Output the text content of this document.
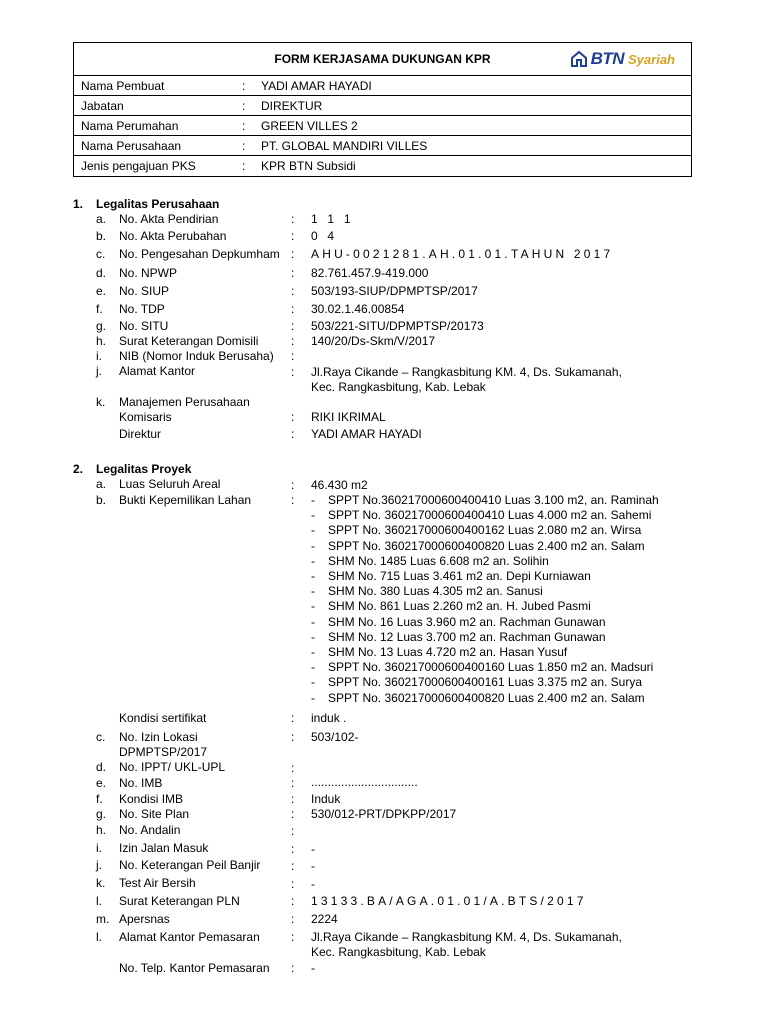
FORM KERJASAMA DUKUNGAN KPR	BTN Syariah
Nama Pembuat	: YADI AMAR HAYADI
Jabatan	: DIREKTUR
Nama Perumahan	: GREEN VILLES 2
Nama Perusahaan	: PT. GLOBAL MANDIRI VILLES
Jenis pengajuan PKS	: KPR BTN Subsidi
1. Legalitas Perusahaan
a. No. Akta Pendirian	: 1 1 1
b. No. Akta Perubahan	: 0 4
c. No. Pengesahan Depkumham : AHU-0021281.AH.01.01.TAHUN 2017
d. No. NPWP	: 82.761.457.9-419.000
e. No. SIUP	: 503/193-SIUP/DPMPTSP/2017
f. No. TDP	: 30.02.1.46.00854
g. No. SITU	: 503/221-SITU/DPMPTSP/20173
h. Surat Keterangan Domisili	: 140/20/Ds-Skm/V/2017
i. NIB (Nomor Induk Berusaha) :
j. Alamat Kantor	: Jl.Raya Cikande – Rangkasbitung KM. 4, Ds. Sukamanah,
Kec. Rangkasbitung, Kab. Lebak
k. Manajemen Perusahaan
Komisaris	: RIKI IKRIMAL
Direktur	: YADI AMAR HAYADI
2. Legalitas Proyek
a. Luas Seluruh Areal	: 46.430 m2
b. Bukti Kepemilikan Lahan	: - SPPT No.360217000600400410 Luas 3.100 m2, an. Raminah
- SPPT No. 360217000600400410 Luas 4.000 m2 an. Sahemi
- SPPT No. 360217000600400162 Luas 2.080 m2 an. Wirsa
- SPPT No. 360217000600400820 Luas 2.400 m2 an. Salam
- SHM No. 1485 Luas 6.608 m2 an. Solihin
- SHM No. 715 Luas 3.461 m2 an. Depi Kurniawan
- SHM No. 380 Luas 4.305 m2 an. Sanusi
- SHM No. 861 Luas 2.260 m2 an. H. Jubed Pasmi
- SHM No. 16 Luas 3.960 m2 an. Rachman Gunawan
- SHM No. 12 Luas 3.700 m2 an. Rachman Gunawan
- SHM No. 13 Luas 4.720 m2 an. Hasan Yusuf
- SPPT No. 360217000600400160 Luas 1.850 m2 an. Madsuri
- SPPT No. 360217000600400161 Luas 3.375 m2 an. Surya
- SPPT No. 360217000600400820 Luas 2.400 m2 an. Salam
Kondisi sertifikat	: induk .
c. No. Izin Lokasi
DPMPTSP/2017
: 503/102-
d. No. IPPT/ UKL-UPL	:
e. No. IMB	: ................................
f. Kondisi IMB	: Induk
g. No. Site Plan	: 530/012-PRT/DPKPP/2017
h. No. Andalin	:
i. Izin Jalan Masuk	: -
j. No. Keterangan Peil Banjir	: -
k. Test Air Bersih	: -
l. Surat Keterangan PLN	: 13133.BA/AGA.01.01/A.BTS/2017
m. Apersnas	: 2224
l. Alamat Kantor Pemasaran	: Jl.Raya Cikande – Rangkasbitung KM. 4, Ds. Sukamanah,
Kec. Rangkasbitung, Kab. Lebak
No. Telp. Kantor Pemasaran : -
